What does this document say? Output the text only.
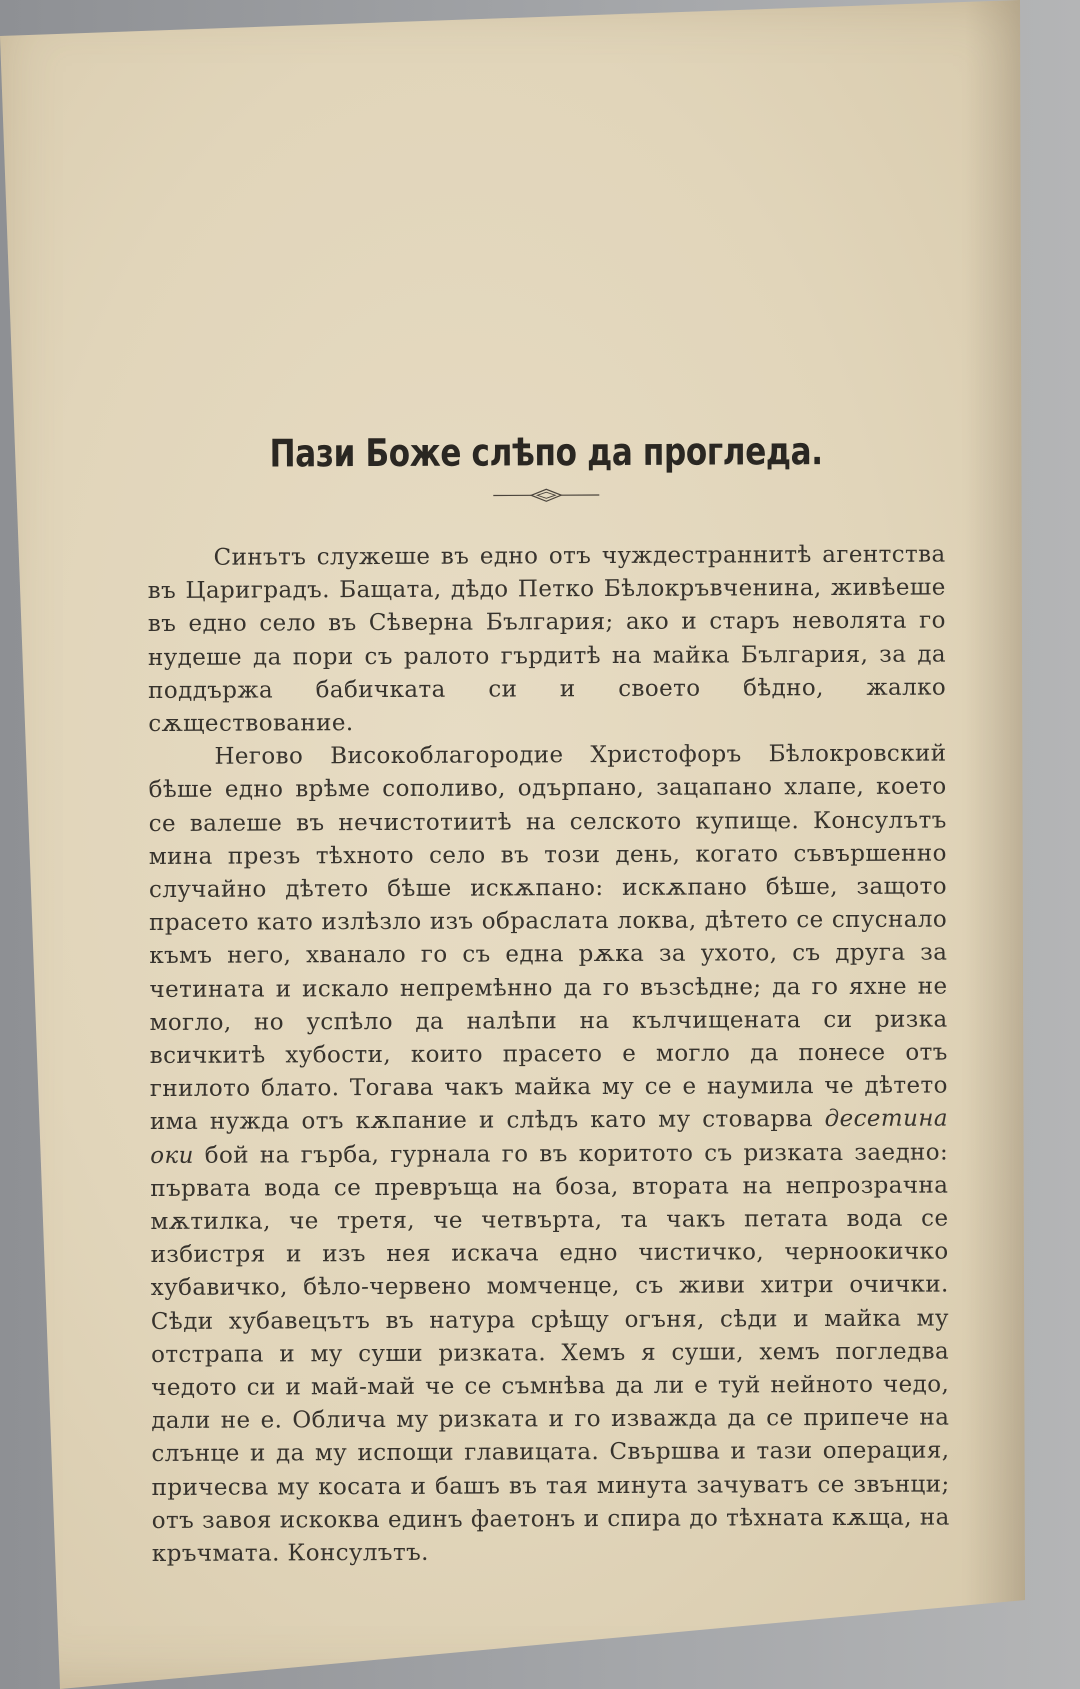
Пази Боже слѣпо да прогледа.

Синътъ служеше въ едно отъ чуждестраннитѣ агентства въ Цариградъ. Бащата, дѣдо Петко Бѣлокръвченина, живѣеше въ едно село въ Сѣверна България; ако и старъ неволята го нудеше да пори съ ралото гърдитѣ на майка България, за да поддържа бабичката си и своето бѣдно, жалко сѫществование.

Негово Високоблагородие Христофоръ Бѣлокровский бѣше едно врѣме сополиво, одърпано, зацапано хлапе, което се валеше въ нечистотиитѣ на селското купище. Консулътъ мина презъ тѣхното село въ този день, когато съвършенно случайно дѣтето бѣше искѫпано: искѫпано бѣше, защото прасето като излѣзло изъ обраслата локва, дѣтето се спуснало къмъ него, хванало го съ една рѫка за ухото, съ друга за четината и искало непремѣнно да го възсѣдне; да го яхне не могло, но успѣло да налѣпи на кълчищената си ризка всичкитѣ хубости, които прасето е могло да понесе отъ гнилото блато. Тогава чакъ майка му се е наумила че дѣтето има нужда отъ кѫпание и слѣдъ като му стоварва десетина оки бой на гърба, гурнала го въ коритото съ ризката заедно: първата вода се превръща на боза, втората на непрозрачна мѫтилка, че третя, че четвърта, та чакъ петата вода се избистря и изъ нея искача едно чистичко, черноокичко хубавичко, бѣло-червено момченце, съ живи хитри очички. Сѣди хубавецътъ въ натура срѣщу огъня, сѣди и майка му отстрапа и му суши ризката. Хемъ я суши, хемъ погледва чедото си и май-май че се съмнѣва да ли е туй нейното чедо, дали не е. Облича му ризката и го изважда да се припече на слънце и да му испощи главицата. Свършва и тази операция, причесва му косата и башъ въ тая минута зачуватъ се звънци; отъ завоя искоква единъ фаетонъ и спира до тѣхната кѫща, на кръчмата. Консулътъ.
